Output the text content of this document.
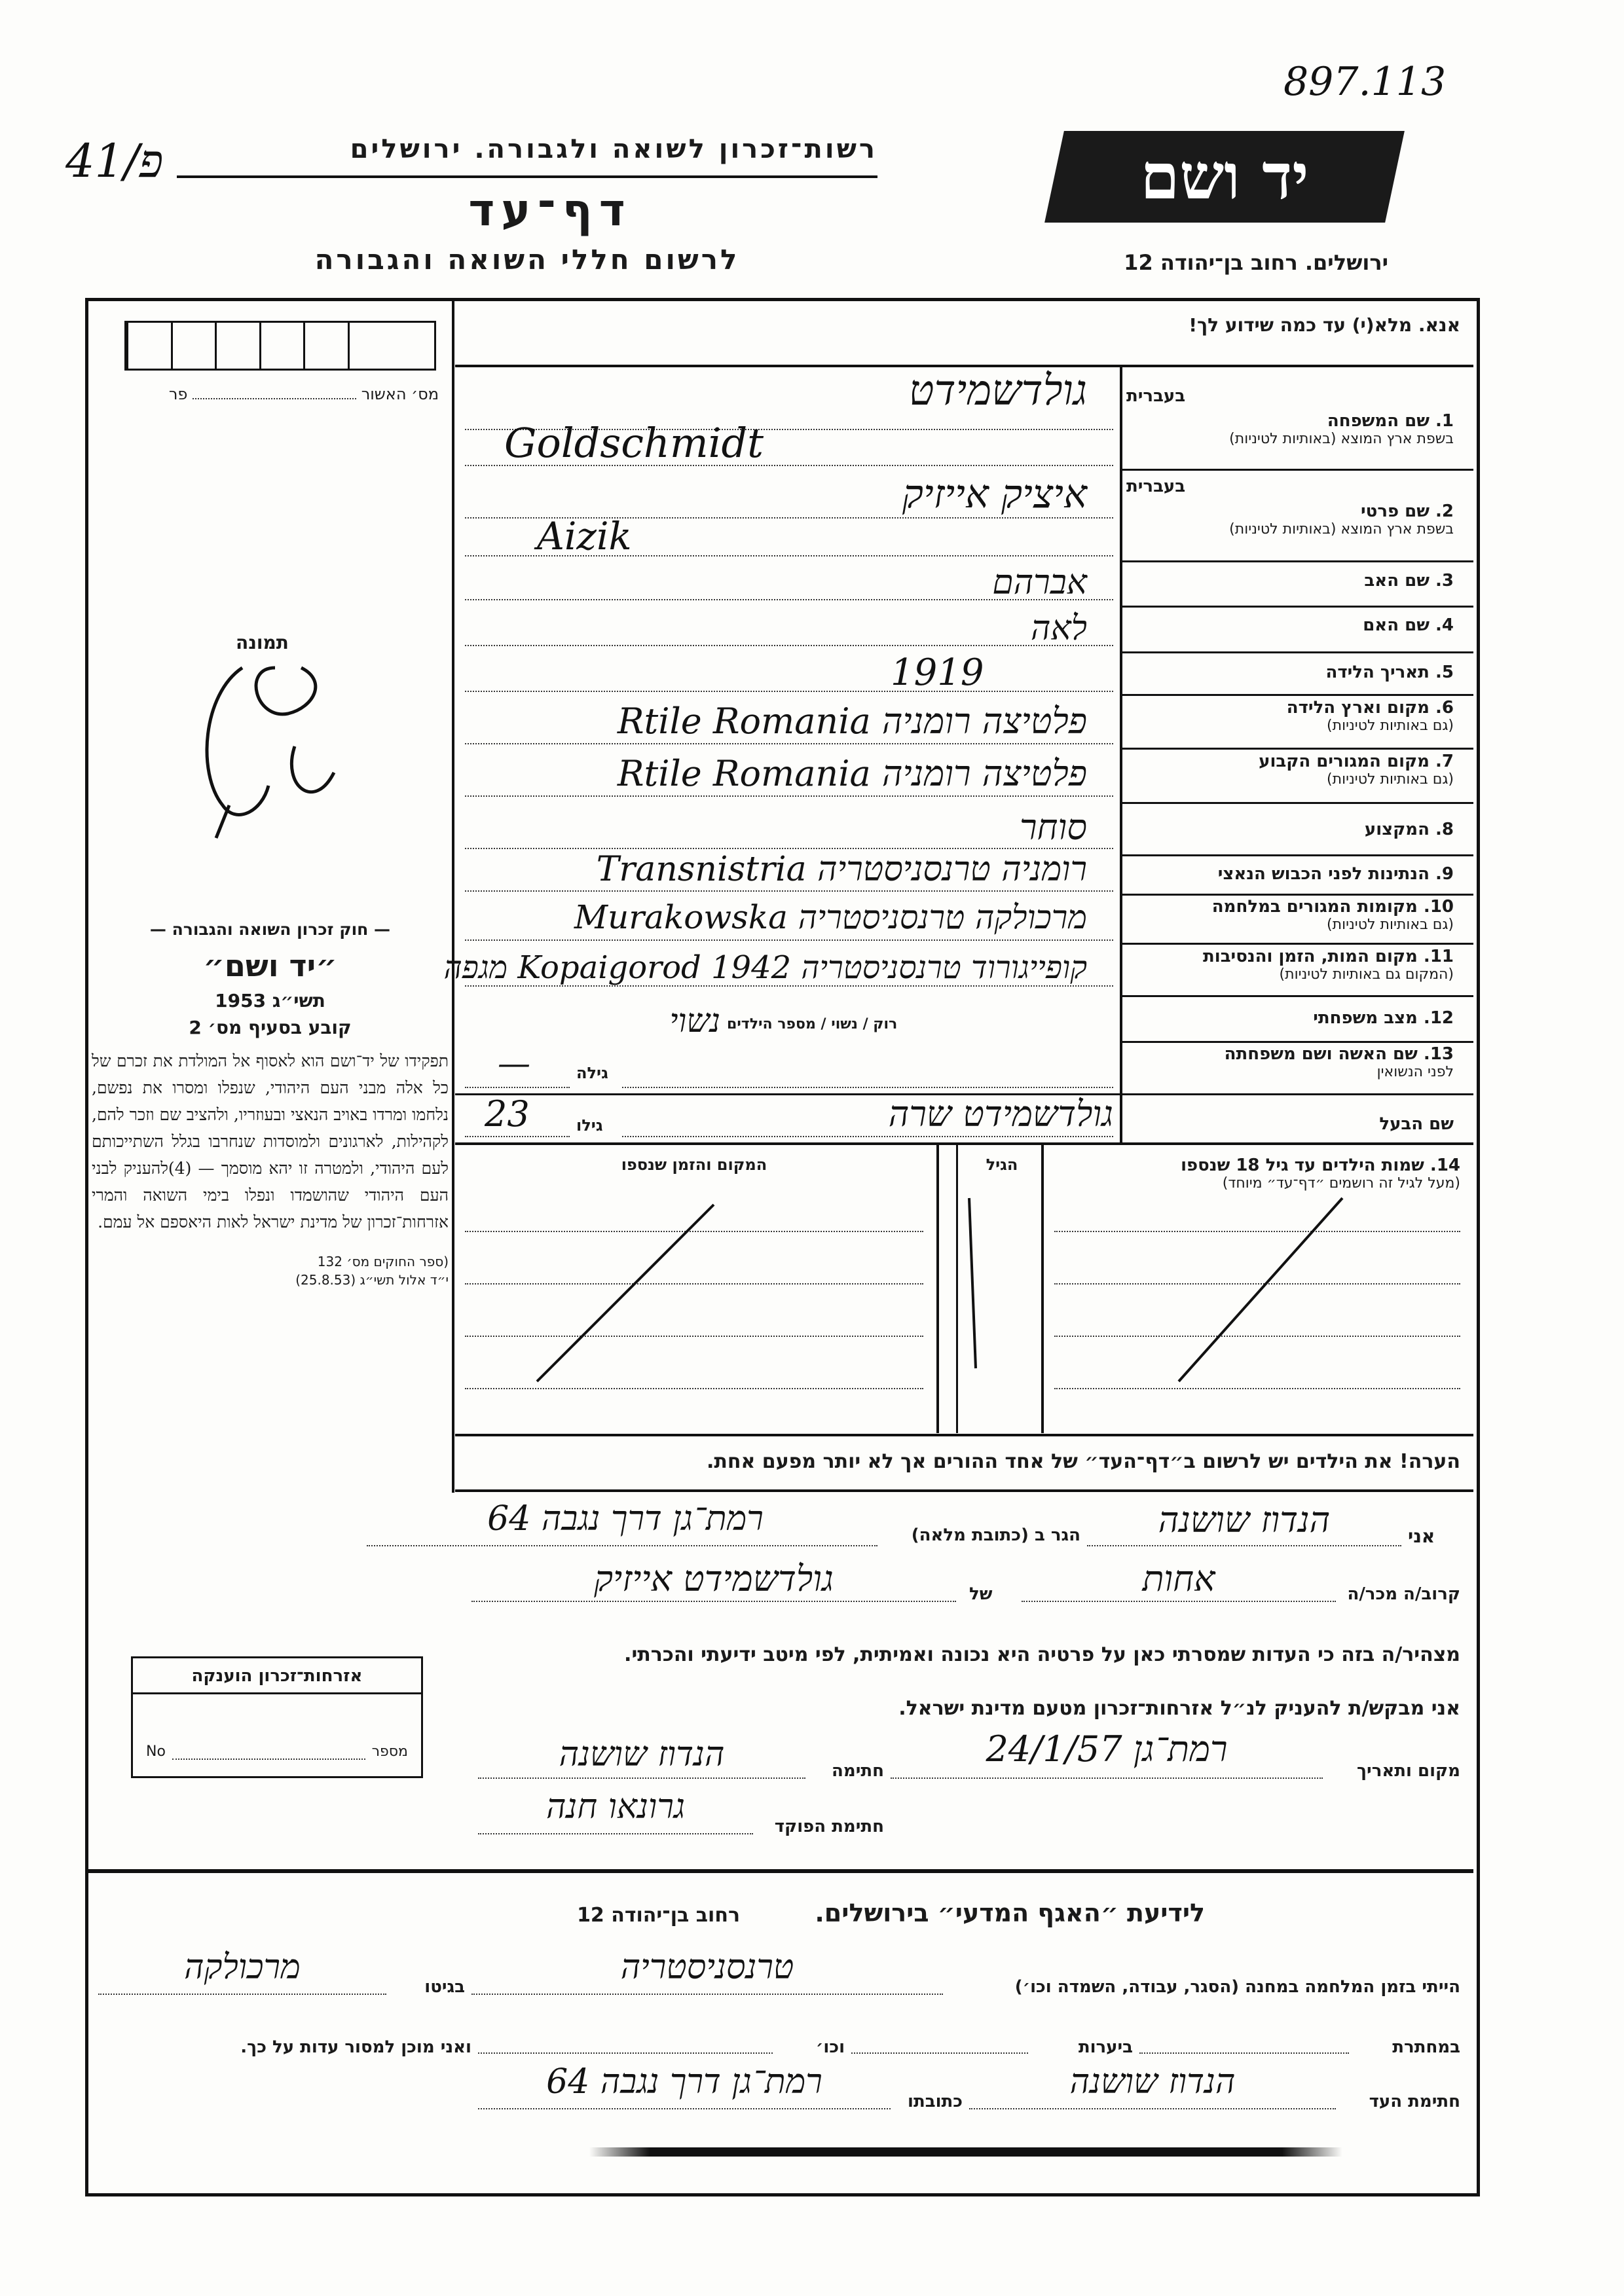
897.113
41/פ	רשות־זכרון לשואה ולגבורה. ירושלים
דף־עד
לרשום חללי השואה והגבורה
יד ושם
ירושלים. רחוב בן־יהודה 12
מס׳ האשור  פר
אנא. מלא(י) עד כמה שידוע לך!
תמונה
— חוק זכרון השואה והגבורה —
״יד ושם״
תשי״ג 1953
קובע בסעיף מס׳ 2
תפקידו של יד־ושם הוא לאסוף אל המולדת את זכרם של כל אלה מבני העם היהודי, שנפלו ומסרו את נפשם, נלחמו ומרדו באויב הנאצי ובעוזריו, ולהציב שם וזכר להם, לקהילות, לארגונים ולמוסדות שנחרבו בגלל השתייכותם לעם היהודי, ולמטרה זו יהא מוסמך — (4)להעניק לבני העם היהודי שהושמדו ונפלו בימי השואה והמרי אזרחות־זכרון של מדינת ישראל לאות היאספם אל עמם.
(ספר החוקים מס׳ 132
י״ד אלול תשי״ג (25.8.53)
בעברית
1. שם המשפחה
בשפת ארץ המוצא (באותיות לטיניות)
גולדשמידט
Goldschmidt
בעברית
2. שם פרטי
בשפת ארץ המוצא (באותיות לטיניות)
איציק אייזיק
Aizik
3. שם האב
אברהם
4. שם האם
לאה
5. תאריך הלידה
1919
6. מקום וארץ הלידה
(גם באותיות לטיניות)
פלטיצה רומניה Rtile Romania
7. מקום המגורים הקבוע
(גם באותיות לטיניות)
פלטיצה רומניה Rtile Romania
8. המקצוע
סוחר
9. הנתינות לפני הכבוש הנאצי
רומניה טרנסניסטריה Transnistria
10. מקומות המגורים במלחמה
(גם באותיות לטיניות)
מרכולקה טרנסניסטריה Murakowska
11. מקום המות, הזמן והנסיבות
(המקום גם באותיות לטיניות)
קופייגורוד טרנסניסטריה Kopaigorod 1942 מגפה
12. מצב משפחתי
רוק / נשוי / מספר הילדים
נשוי
13. שם האשה ושם משפחתה
לפני הנשואין
גילה
—
שם הבעל
גילו
23	גולדשמידט שרה
14. שמות הילדים עד גיל 18 שנספו
(מעל לגיל זה רושמים ״דף־עד״ מיוחד)
הגיל
המקום והזמן שנספו
הערה! את הילדים יש לרשום ב״דף־העד״ של אחד ההורים אך לא יותר מפעם אחת.
אני
הנדוז שושנה
הגר ב (כתובת מלאה)
רמת־גן דרך נגבה 64
קרוב/ה מכר/ה
אחות
של
גולדשמידט אייזיק
מצהיר/ה בזה כי העדות שמסרתי כאן על פרטיה היא נכונה ואמיתית, לפי מיטב ידיעתי והכרתי.
אני מבקש/ת להעניק לנ״ל אזרחות־זכרון מטעם מדינת ישראל.
מקום ותאריך
רמת־גן 24/1/57
חתימה
הנדוז שושנה
חתימת הפוקד
גרונאו חנה
אזרחות־זכרון הוענקה
מספר
No
לידיעת ״האגף המדעי״ בירושלים.
רחוב בן־יהודה 12
הייתי בזמן המלחמה במחנה (הסגר, עבודה, השמדה וכו׳)
טרנסניסטריה
בגיטו
מרכולקה
במחתרת
ביערות
וכו׳
ואני מוכן למסור עדות על כך.
חתימת העד
הנדוז שושנה
כתובתו
רמת־גן דרך נגבה 64
